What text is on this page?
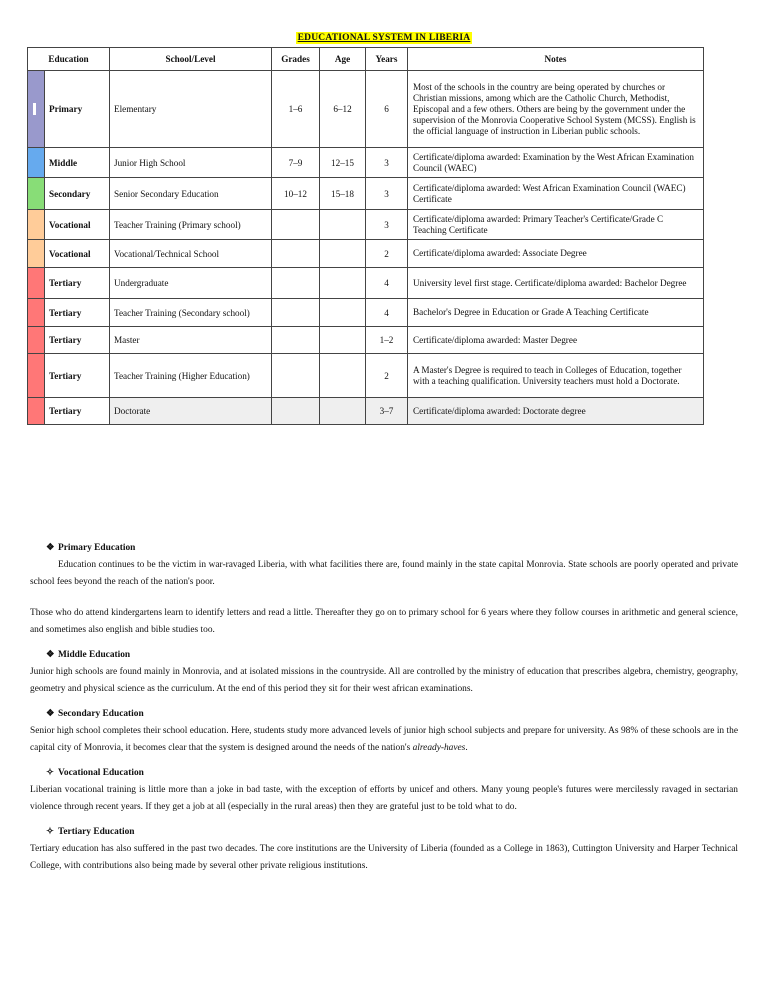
EDUCATIONAL SYSTEM IN LIBERIA
Education		School/Level	Grades	Age	Years	Notes
	Primary	Elementary	1–6	6–12	6	Most of the schools in the country are being operated by churches or Christian missions, among which are the Catholic Church, Methodist, Episcopal and a few others. Others are being by the government under the supervision of the Monrovia Cooperative School System (MCSS). English is the official language of instruction in Liberian public schools.
	Middle	Junior High School	7–9	12–15	3	Certificate/diploma awarded: Examination by the West African Examination Council (WAEC)
	Secondary	Senior Secondary Education	10–12	15–18	3	Certificate/diploma awarded: West African Examination Council (WAEC) Certificate
	Vocational	Teacher Training (Primary school)			3	Certificate/diploma awarded: Primary Teacher's Certificate/Grade C Teaching Certificate
	Vocational	Vocational/Technical School			2	Certificate/diploma awarded: Associate Degree
	Tertiary	Undergraduate			4	University level first stage. Certificate/diploma awarded: Bachelor Degree
	Tertiary	Teacher Training (Secondary school)			4	Bachelor's Degree in Education or Grade A Teaching Certificate
	Tertiary	Master			1–2	Certificate/diploma awarded: Master Degree
	Tertiary	Teacher Training (Higher Education)			2	A Master's Degree is required to teach in Colleges of Education, together with a teaching qualification. University teachers must hold a Doctorate.
	Tertiary	Doctorate			3–7	Certificate/diploma awarded: Doctorate degree
❖ Primary Education

Education continues to be the victim in war-ravaged Liberia, with what facilities there are, found mainly in the state capital Monrovia. State schools are poorly operated and private school fees beyond the reach of the nation's poor.

Those who do attend kindergartens learn to identify letters and read a little. Thereafter they go on to primary school for 6 years where they follow courses in arithmetic and general science, and sometimes also english and bible studies too.

❖ Middle Education

Junior high schools are found mainly in Monrovia, and at isolated missions in the countryside. All are controlled by the ministry of education that prescribes algebra, chemistry, geography, geometry and physical science as the curriculum. At the end of this period they sit for their west african examinations.

❖ Secondary Education

Senior high school completes their school education. Here, students study more advanced levels of junior high school subjects and prepare for university. As 98% of these schools are in the capital city of Monrovia, it becomes clear that the system is designed around the needs of the nation's already-haves.

✧ Vocational Education

Liberian vocational training is little more than a joke in bad taste, with the exception of efforts by unicef and others. Many young people's futures were mercilessly ravaged in sectarian violence through recent years. If they get a job at all (especially in the rural areas) then they are grateful just to be told what to do.

✧ Tertiary Education

Tertiary education has also suffered in the past two decades. The core institutions are the University of Liberia (founded as a College in 1863), Cuttington University and Harper Technical College, with contributions also being made by several other private religious institutions.
